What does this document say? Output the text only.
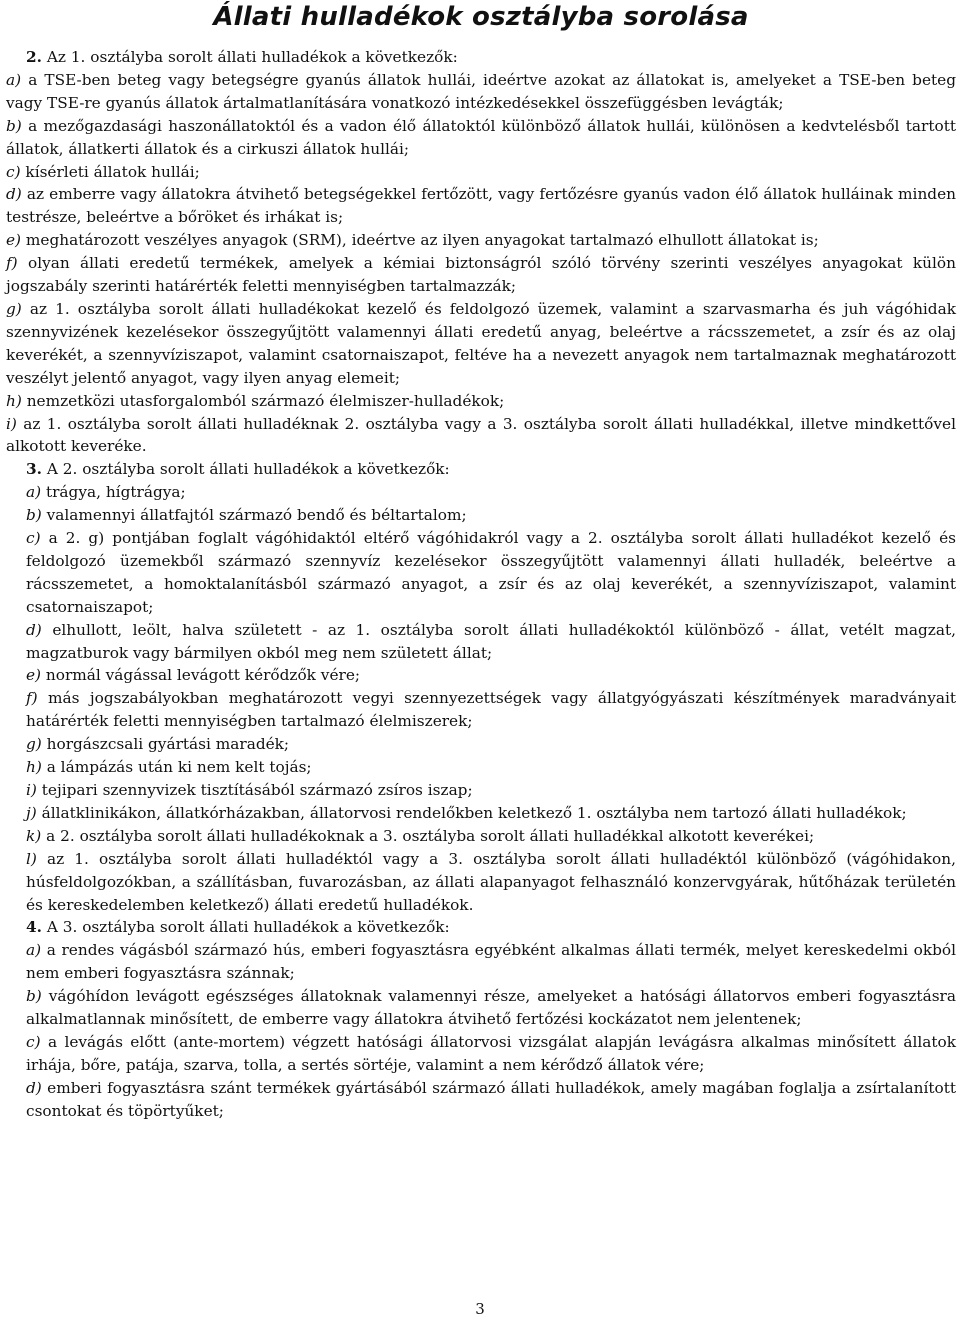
Állati hulladékok osztályba sorolása

2. Az 1. osztályba sorolt állati hulladékok a következők:

a) a TSE-ben beteg vagy betegségre gyanús állatok hullái, ideértve azokat az állatokat is, amelyeket a TSE-ben beteg vagy TSE-re gyanús állatok ártalmatlanítására vonatkozó intézkedésekkel összefüggésben levágták;

b) a mezőgazdasági haszonállatoktól és a vadon élő állatoktól különböző állatok hullái, különösen a kedvtelésből tartott állatok, állatkerti állatok és a cirkuszi állatok hullái;

c) kísérleti állatok hullái;

d) az emberre vagy állatokra átvihető betegségekkel fertőzött, vagy fertőzésre gyanús vadon élő állatok hulláinak minden testrésze, beleértve a bőröket és irhákat is;

e) meghatározott veszélyes anyagok (SRM), ideértve az ilyen anyagokat tartalmazó elhullott állatokat is;

f) olyan állati eredetű termékek, amelyek a kémiai biztonságról szóló törvény szerinti veszélyes anyagokat külön jogszabály szerinti határérték feletti mennyiségben tartalmazzák;

g) az 1. osztályba sorolt állati hulladékokat kezelő és feldolgozó üzemek, valamint a szarvasmarha és juh vágóhidak szennyvizének kezelésekor összegyűjtött valamennyi állati eredetű anyag, beleértve a rácsszemetet, a zsír és az olaj keverékét, a szennyvíziszapot, valamint csatornaiszapot, feltéve ha a nevezett anyagok nem tartalmaznak meghatározott veszélyt jelentő anyagot, vagy ilyen anyag elemeit;

h) nemzetközi utasforgalomból származó élelmiszer-hulladékok;

i) az 1. osztályba sorolt állati hulladéknak 2. osztályba vagy a 3. osztályba sorolt állati hulladékkal, illetve mindkettővel alkotott keveréke.

3. A 2. osztályba sorolt állati hulladékok a következők:

a) trágya, hígtrágya;

b) valamennyi állatfajtól származó bendő és béltartalom;

c) a 2. g) pontjában foglalt vágóhidaktól eltérő vágóhidakról vagy a 2. osztályba sorolt állati hulladékot kezelő és feldolgozó üzemekből származó szennyvíz kezelésekor összegyűjtött valamennyi állati hulladék, beleértve a rácsszemetet, a homoktalanításból származó anyagot, a zsír és az olaj keverékét, a szennyvíziszapot, valamint csatornaiszapot;

d) elhullott, leölt, halva született - az 1. osztályba sorolt állati hulladékoktól különböző - állat, vetélt magzat, magzatburok vagy bármilyen okból meg nem született állat;

e) normál vágással levágott kérődzők vére;

f) más jogszabályokban meghatározott vegyi szennyezettségek vagy állatgyógyászati készítmények maradványait határérték feletti mennyiségben tartalmazó élelmiszerek;

g) horgászcsali gyártási maradék;

h) a lámpázás után ki nem kelt tojás;

i) tejipari szennyvizek tisztításából származó zsíros iszap;

j) állatklinikákon, állatkórházakban, állatorvosi rendelőkben keletkező 1. osztályba nem tartozó állati hulladékok;

k) a 2. osztályba sorolt állati hulladékoknak a 3. osztályba sorolt állati hulladékkal alkotott keverékei;

l) az 1. osztályba sorolt állati hulladéktól vagy a 3. osztályba sorolt állati hulladéktól különböző (vágóhidakon, húsfeldolgozókban, a szállításban, fuvarozásban, az állati alapanyagot felhasználó konzervgyárak, hűtőházak területén és kereskedelemben keletkező) állati eredetű hulladékok.

4. A 3. osztályba sorolt állati hulladékok a következők:

a) a rendes vágásból származó hús, emberi fogyasztásra egyébként alkalmas állati termék, melyet kereskedelmi okból nem emberi fogyasztásra szánnak;

b) vágóhídon levágott egészséges állatoknak valamennyi része, amelyeket a hatósági állatorvos emberi fogyasztásra alkalmatlannak minősített, de emberre vagy állatokra átvihető fertőzési kockázatot nem jelentenek;

c) a levágás előtt (ante-mortem) végzett hatósági állatorvosi vizsgálat alapján levágásra alkalmas minősített állatok irhája, bőre, patája, szarva, tolla, a sertés sörtéje, valamint a nem kérődző állatok vére;

d) emberi fogyasztásra szánt termékek gyártásából származó állati hulladékok, amely magában foglalja a zsírtalanított csontokat és töpörtyűket;

3
